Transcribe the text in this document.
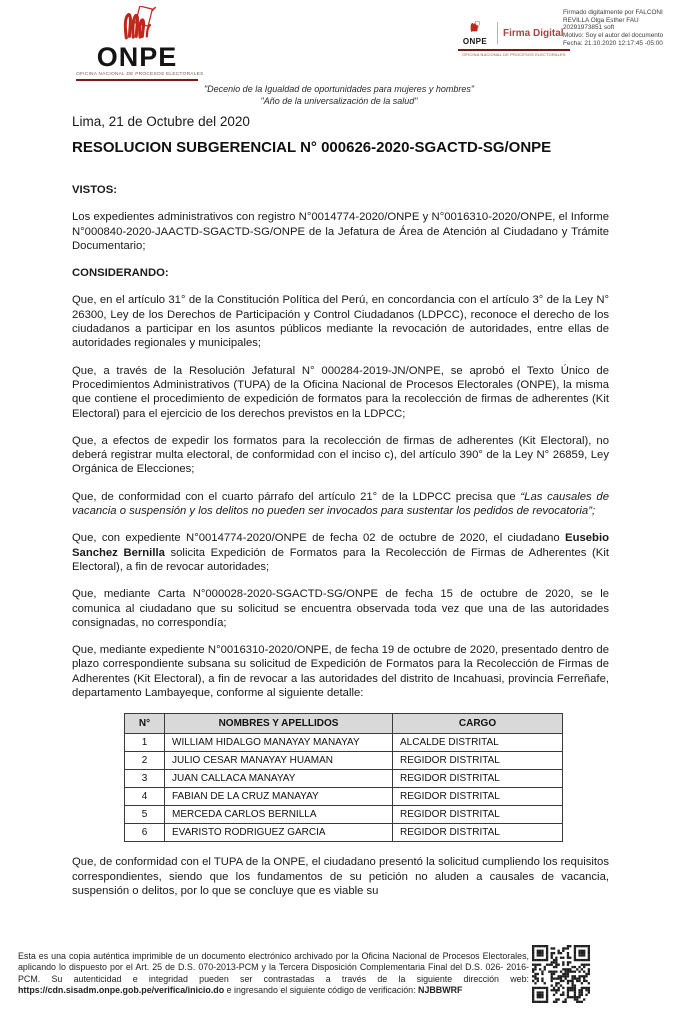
ONPE
OFICINA NACIONAL DE PROCESOS ELECTORALES
ONPE
Firma Digital
OFICINA NACIONAL DE PROCESOS ELECTORALES
Firmado digitalmente por FALCONI
REVILLA Olga Esther FAU
20291973851 soft
Motivo: Soy el autor del documento
Fecha: 21.10.2020 12:17:45 -05:00
"Decenio de la Igualdad de oportunidades para mujeres y hombres"
"Año de la universalización de la salud"
Lima, 21 de Octubre del 2020
RESOLUCION SUBGERENCIAL N° 000626-2020-SGACTD-SG/ONPE

VISTOS:

Los expedientes administrativos con registro N°0014774-2020/ONPE y N°0016310-2020/ONPE, el Informe N°000840-2020-JAACTD-SGACTD-SG/ONPE de la Jefatura de Área de Atención al Ciudadano y Trámite Documentario;

CONSIDERANDO:

Que, en el artículo 31° de la Constitución Política del Perú, en concordancia con el artículo 3° de la Ley N° 26300, Ley de los Derechos de Participación y Control Ciudadanos (LDPCC), reconoce el derecho de los ciudadanos a participar en los asuntos públicos mediante la revocación de autoridades, entre ellas de autoridades regionales y municipales;

Que, a través de la Resolución Jefatural N° 000284-2019-JN/ONPE, se aprobó el Texto Único de Procedimientos Administrativos (TUPA) de la Oficina Nacional de Procesos Electorales (ONPE), la misma que contiene el procedimiento de expedición de formatos para la recolección de firmas de adherentes (Kit Electoral) para el ejercicio de los derechos previstos en la LDPCC;

Que, a efectos de expedir los formatos para la recolección de firmas de adherentes (Kit Electoral), no deberá registrar multa electoral, de conformidad con el inciso c), del artículo 390° de la Ley N° 26859, Ley Orgánica de Elecciones;

Que, de conformidad con el cuarto párrafo del artículo 21° de la LDPCC precisa que “Las causales de vacancia o suspensión y los delitos no pueden ser invocados para sustentar los pedidos de revocatoria”;

Que, con expediente N°0014774-2020/ONPE de fecha 02 de octubre de 2020, el ciudadano Eusebio Sanchez Bernilla solicita Expedición de Formatos para la Recolección de Firmas de Adherentes (Kit Electoral), a fin de revocar autoridades;

Que, mediante Carta N°000028-2020-SGACTD-SG/ONPE de fecha 15 de octubre de 2020, se le comunica al ciudadano que su solicitud se encuentra observada toda vez que una de las autoridades consignadas, no correspondía;

Que, mediante expediente N°0016310-2020/ONPE, de fecha 19 de octubre de 2020, presentado dentro de plazo correspondiente subsana su solicitud de Expedición de Formatos para la Recolección de Firmas de Adherentes (Kit Electoral), a fin de revocar a las autoridades del distrito de Incahuasi, provincia Ferreñafe, departamento Lambayeque, conforme al siguiente detalle:

N°	NOMBRES Y APELLIDOS	CARGO
1	WILLIAM HIDALGO MANAYAY MANAYAY	ALCALDE DISTRITAL
2	JULIO CESAR MANAYAY HUAMAN	REGIDOR DISTRITAL
3	JUAN CALLACA MANAYAY	REGIDOR DISTRITAL
4	FABIAN DE LA CRUZ MANAYAY	REGIDOR DISTRITAL
5	MERCEDA CARLOS BERNILLA	REGIDOR DISTRITAL
6	EVARISTO RODRIGUEZ GARCIA	REGIDOR DISTRITAL

Que, de conformidad con el TUPA de la ONPE, el ciudadano presentó la solicitud cumpliendo los requisitos correspondientes, siendo que los fundamentos de su petición no aluden a causales de vacancia, suspensión o delitos, por lo que se concluye que es viable su

Esta es una copia auténtica imprimible de un documento electrónico archivado por la Oficina Nacional de Procesos Electorales, aplicando lo dispuesto por el Art. 25 de D.S. 070-2013-PCM y la Tercera Disposición Complementaria Final del D.S. 026- 2016-PCM. Su autenticidad e integridad pueden ser contrastadas a través de la siguiente dirección web: https://cdn.sisadm.onpe.gob.pe/verifica/inicio.do e ingresando el siguiente código de verificación: NJBBWRF
